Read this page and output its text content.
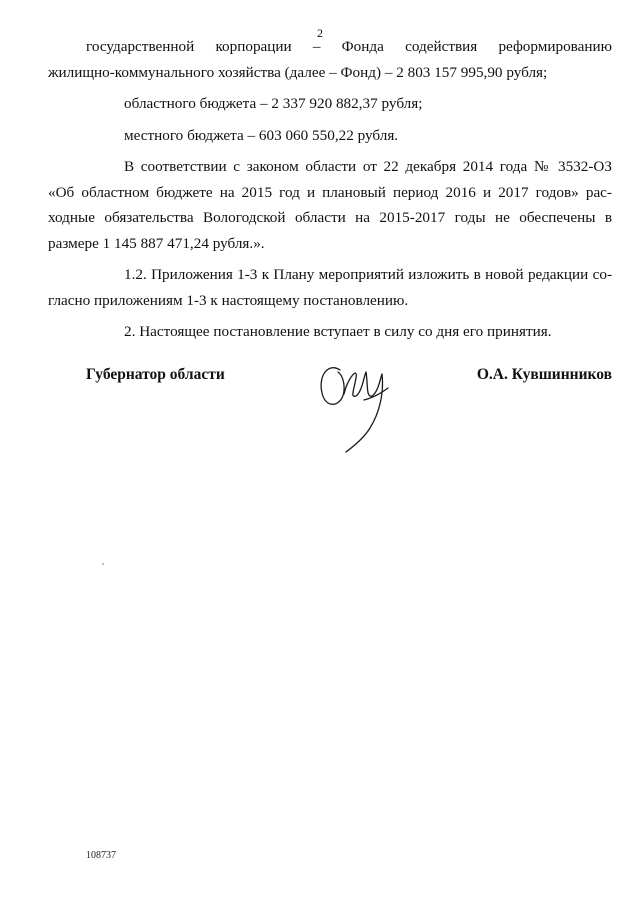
2
государственной корпорации – Фонда содействия реформированию
жилищно-коммунального хозяйства (далее – Фонд) – 2 803 157 995,90 рубля;
областного бюджета – 2 337 920 882,37 рубля;
местного бюджета – 603 060 550,22 рубля.
В соответствии с законом области от 22 декабря 2014 года № 3532-ОЗ
«Об областном бюджете на 2015 год и плановый период 2016 и 2017 годов» рас-
ходные обязательства Вологодской области на 2015-2017 годы не обеспечены в
размере 1 145 887 471,24 рубля.».
1.2. Приложения 1-3 к Плану мероприятий изложить в новой редакции со-
гласно приложениям 1-3 к настоящему постановлению.
2. Настоящее постановление вступает в силу со дня его принятия.
Губернатор области	О.А. Кувшинников
108737
